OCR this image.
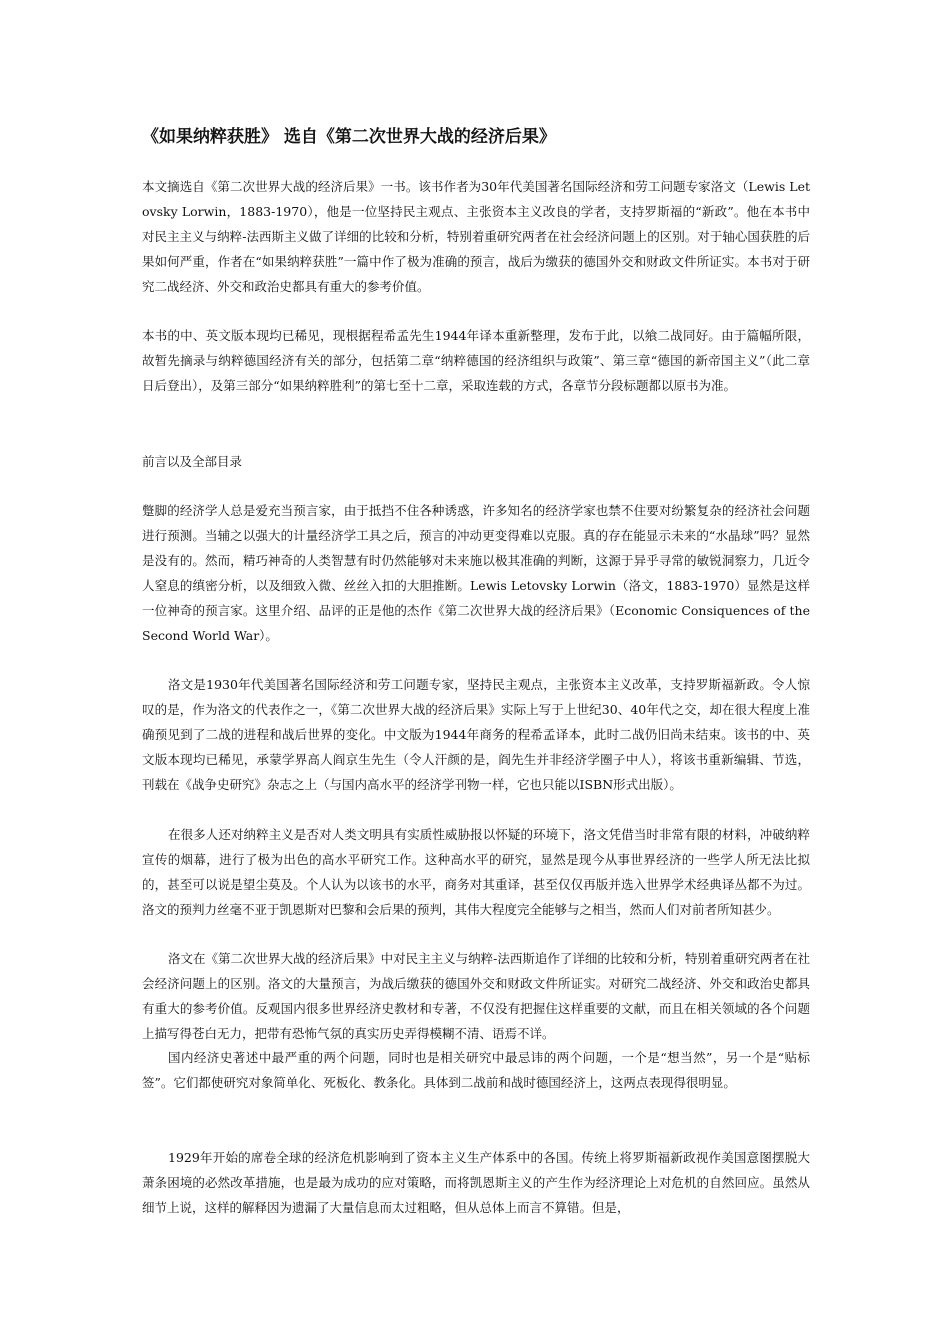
《如果纳粹获胜》 选自《第二次世界大战的经济后果》

本文摘选自《第二次世界大战的经济后果》一书。该书作者为30年代美国著名国际经济和劳工问题专家洛文（Lewis Letovsky Lorwin，1883-1970），他是一位坚持民主观点、主张资本主义改良的学者，支持罗斯福的“新政”。他在本书中对民主主义与纳粹-法西斯主义做了详细的比较和分析，特别着重研究两者在社会经济问题上的区别。对于轴心国获胜的后果如何严重，作者在“如果纳粹获胜”一篇中作了极为准确的预言，战后为缴获的德国外交和财政文件所证实。本书对于研究二战经济、外交和政治史都具有重大的参考价值。

本书的中、英文版本现均已稀见，现根据程希孟先生1944年译本重新整理，发布于此，以飨二战同好。由于篇幅所限，故暂先摘录与纳粹德国经济有关的部分，包括第二章“纳粹德国的经济组织与政策”、第三章“德国的新帝国主义”（此二章日后登出），及第三部分“如果纳粹胜利”的第七至十二章，采取连载的方式，各章节分段标题都以原书为准。

前言以及全部目录

蹩脚的经济学人总是爱充当预言家，由于抵挡不住各种诱惑，许多知名的经济学家也禁不住要对纷繁复杂的经济社会问题进行预测。当辅之以强大的计量经济学工具之后，预言的冲动更变得难以克服。真的存在能显示未来的“水晶球”吗？显然是没有的。然而，精巧神奇的人类智慧有时仍然能够对未来施以极其准确的判断，这源于异乎寻常的敏锐洞察力，几近令人窒息的缜密分析，以及细致入微、丝丝入扣的大胆推断。Lewis Letovsky Lorwin（洛文，1883-1970）显然是这样一位神奇的预言家。这里介绍、品评的正是他的杰作《第二次世界大战的经济后果》（Economic Consiquences of the Second World War）。

洛文是1930年代美国著名国际经济和劳工问题专家，坚持民主观点，主张资本主义改革，支持罗斯福新政。令人惊叹的是，作为洛文的代表作之一，《第二次世界大战的经济后果》实际上写于上世纪30、40年代之交，却在很大程度上准确预见到了二战的进程和战后世界的变化。中文版为1944年商务的程希孟译本，此时二战仍旧尚未结束。该书的中、英文版本现均已稀见，承蒙学界高人阎京生先生（令人汗颜的是，阎先生并非经济学圈子中人），将该书重新编辑、节选，刊载在《战争史研究》杂志之上（与国内高水平的经济学刊物一样，它也只能以ISBN形式出版）。

在很多人还对纳粹主义是否对人类文明具有实质性威胁报以怀疑的环境下，洛文凭借当时非常有限的材料，冲破纳粹宣传的烟幕，进行了极为出色的高水平研究工作。这种高水平的研究，显然是现今从事世界经济的一些学人所无法比拟的，甚至可以说是望尘莫及。个人认为以该书的水平，商务对其重译，甚至仅仅再版并选入世界学术经典译丛都不为过。洛文的预判力丝毫不亚于凯恩斯对巴黎和会后果的预判，其伟大程度完全能够与之相当，然而人们对前者所知甚少。

洛文在《第二次世界大战的经济后果》中对民主主义与纳粹-法西斯追作了详细的比较和分析，特别着重研究两者在社会经济问题上的区别。洛文的大量预言，为战后缴获的德国外交和财政文件所证实。对研究二战经济、外交和政治史都具有重大的参考价值。反观国内很多世界经济史教材和专著，不仅没有把握住这样重要的文献，而且在相关领域的各个问题上描写得苍白无力，把带有恐怖气氛的真实历史弄得模糊不清、语焉不详。

国内经济史著述中最严重的两个问题，同时也是相关研究中最忌讳的两个问题，一个是“想当然”，另一个是“贴标签”。它们都使研究对象简单化、死板化、教条化。具体到二战前和战时德国经济上，这两点表现得很明显。

1929年开始的席卷全球的经济危机影响到了资本主义生产体系中的各国。传统上将罗斯福新政视作美国意图摆脱大萧条困境的必然改革措施，也是最为成功的应对策略，而将凯恩斯主义的产生作为经济理论上对危机的自然回应。虽然从细节上说，这样的解释因为遗漏了大量信息而太过粗略，但从总体上而言不算错。但是，
